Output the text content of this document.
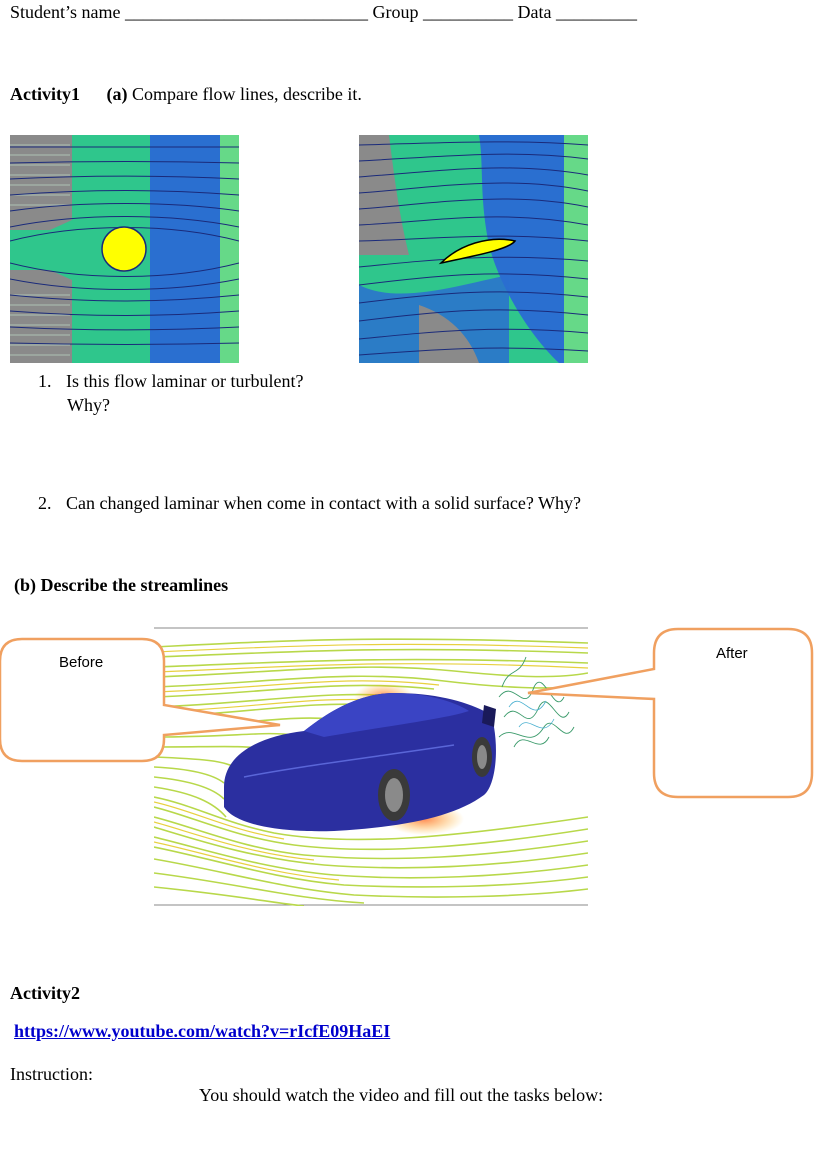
Student’s name ___________________________ Group __________ Data _________
Activity1 (a) Compare flow lines, describe it.
1. Is this flow laminar or turbulent?
Why?
2. Can changed laminar when come in contact with a solid surface? Why?
(b) Describe the streamlines
Before
After
Activity2
https://www.youtube.com/watch?v=rIcfE09HaEI
Instruction:
You should watch the video and fill out the tasks below:
